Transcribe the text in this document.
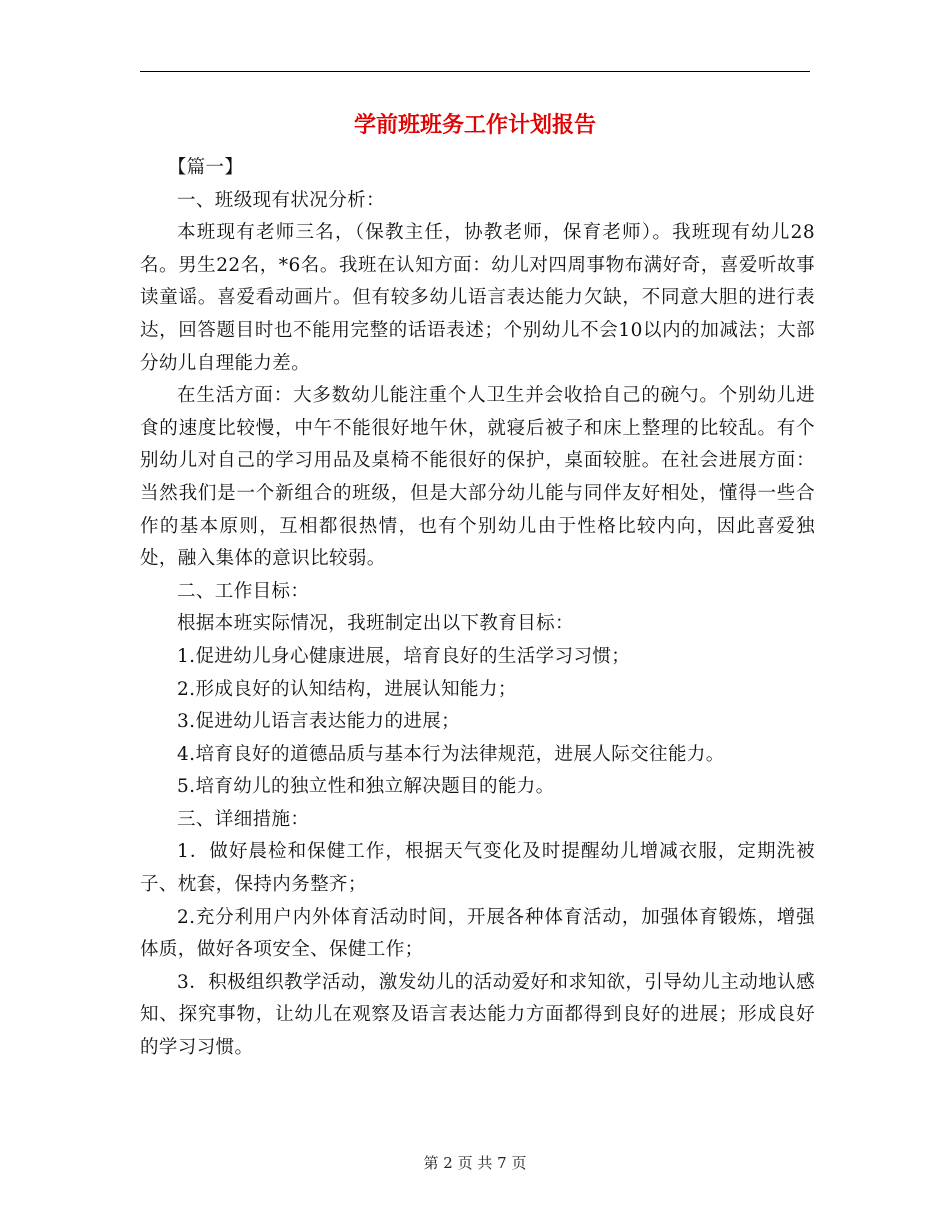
学前班班务工作计划报告

【篇一】

一、班级现有状况分析：

本班现有老师三名，（保教主任，协教老师，保育老师）。我班现有幼儿28名。男生22名，*6名。我班在认知方面：幼儿对四周事物布满好奇，喜爱听故事读童谣。喜爱看动画片。但有较多幼儿语言表达能力欠缺，不同意大胆的进行表达，回答题目时也不能用完整的话语表述；个别幼儿不会10以内的加减法；大部分幼儿自理能力差。

在生活方面：大多数幼儿能注重个人卫生并会收拾自己的碗勺。个别幼儿进食的速度比较慢，中午不能很好地午休，就寝后被子和床上整理的比较乱。有个别幼儿对自己的学习用品及桌椅不能很好的保护，桌面较脏。在社会进展方面：当然我们是一个新组合的班级，但是大部分幼儿能与同伴友好相处，懂得一些合作的基本原则，互相都很热情，也有个别幼儿由于性格比较内向，因此喜爱独处，融入集体的意识比较弱。

二、工作目标：

根据本班实际情况，我班制定出以下教育目标：

1.促进幼儿身心健康进展，培育良好的生活学习习惯；

2.形成良好的认知结构，进展认知能力；

3.促进幼儿语言表达能力的进展；

4.培育良好的道德品质与基本行为法律规范，进展人际交往能力。

5.培育幼儿的独立性和独立解决题目的能力。

三、详细措施：

1．做好晨检和保健工作，根据天气变化及时提醒幼儿增减衣服，定期洗被子、枕套，保持内务整齐；

2.充分利用户内外体育活动时间，开展各种体育活动，加强体育锻炼，增强体质，做好各项安全、保健工作；

3．积极组织教学活动，激发幼儿的活动爱好和求知欲，引导幼儿主动地认感知、探究事物，让幼儿在观察及语言表达能力方面都得到良好的进展；形成良好的学习习惯。

第 2 页 共 7 页
